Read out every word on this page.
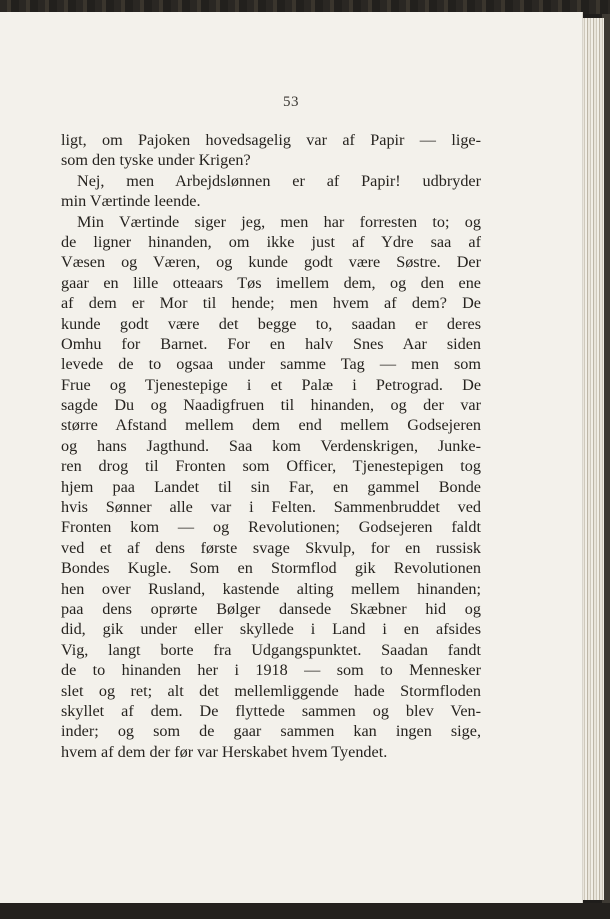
53
ligt, om Pajoken hovedsagelig var af Papir — lige-
som den tyske under Krigen?
Nej, men Arbejdslønnen er af Papir! udbryder
min Værtinde leende.
Min Værtinde siger jeg, men har forresten to; og
de ligner hinanden, om ikke just af Ydre saa af
Væsen og Væren, og kunde godt være Søstre. Der
gaar en lille otteaars Tøs imellem dem, og den ene
af dem er Mor til hende; men hvem af dem? De
kunde godt være det begge to, saadan er deres
Omhu for Barnet. For en halv Snes Aar siden
levede de to ogsaa under samme Tag — men som
Frue og Tjenestepige i et Palæ i Petrograd. De
sagde Du og Naadigfruen til hinanden, og der var
større Afstand mellem dem end mellem Godsejeren
og hans Jagthund. Saa kom Verdenskrigen, Junke-
ren drog til Fronten som Officer, Tjenestepigen tog
hjem paa Landet til sin Far, en gammel Bonde
hvis Sønner alle var i Felten. Sammenbruddet ved
Fronten kom — og Revolutionen; Godsejeren faldt
ved et af dens første svage Skvulp, for en russisk
Bondes Kugle. Som en Stormflod gik Revolutionen
hen over Rusland, kastende alting mellem hinanden;
paa dens oprørte Bølger dansede Skæbner hid og
did, gik under eller skyllede i Land i en afsides
Vig, langt borte fra Udgangspunktet. Saadan fandt
de to hinanden her i 1918 — som to Mennesker
slet og ret; alt det mellemliggende hade Stormfloden
skyllet af dem. De flyttede sammen og blev Ven-
inder; og som de gaar sammen kan ingen sige,
hvem af dem der før var Herskabet hvem Tyendet.
